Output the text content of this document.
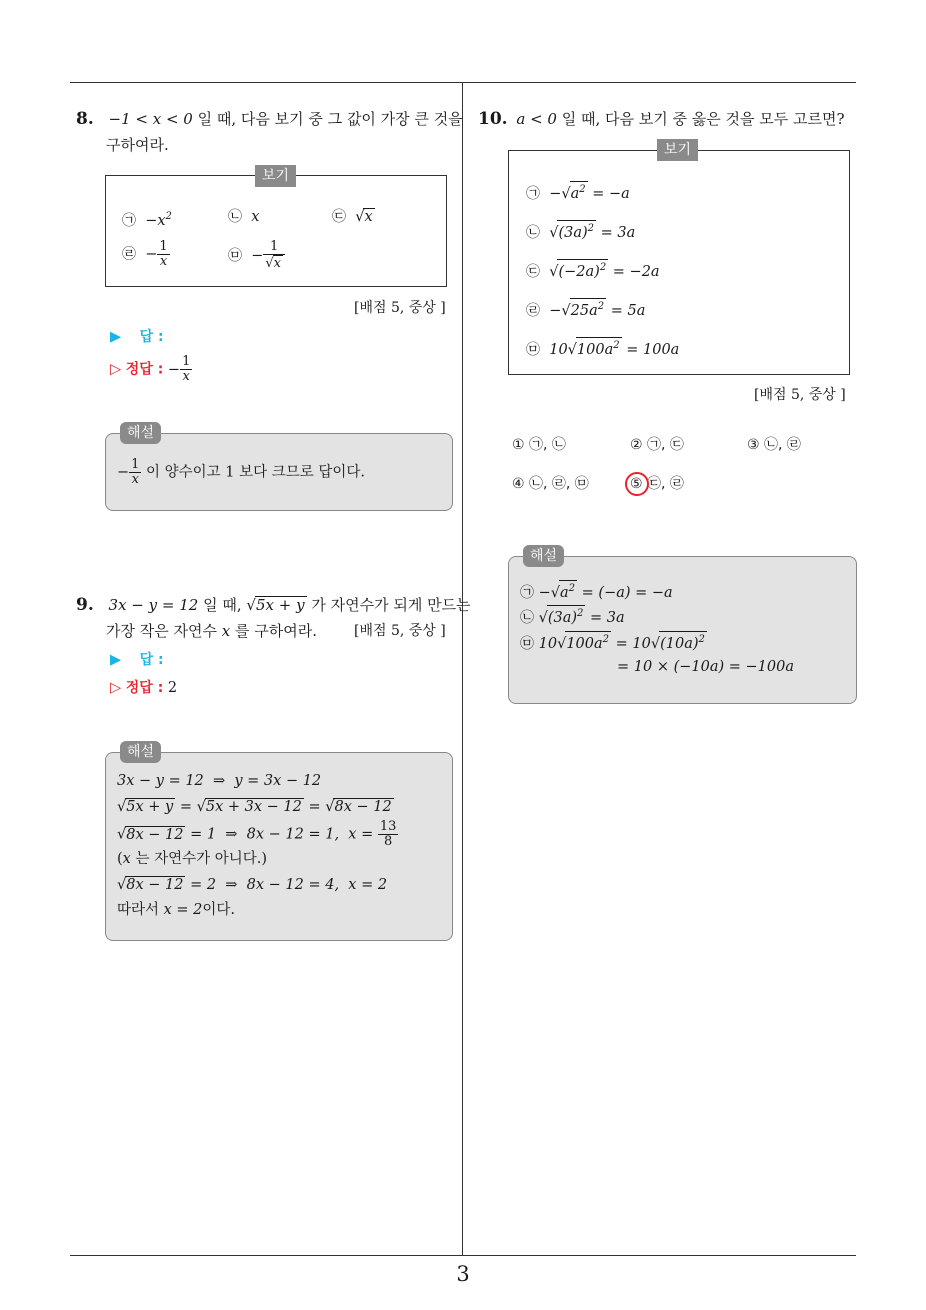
3
8. −1 < x < 0 일 때, 다음 보기 중 그 값이 가장 큰 것을
구하여라.
보기
㉠ $-x^2$	㉡ x	㉢ √x
㉣  − $\frac{1}{x}$	㉤  − $\frac{1}{√x}$
[배점 5, 중상 ]
▶ 답 :
▷ 정답 : − $\frac{1}{x}$
해설
− $\frac{1}{x}$ 이 양수이고 1 보다 크므로 답이다.
9. 3x − y = 12 일 때, √5x + y 가 자연수가 되게 만드는
가장 작은 자연수 x 를 구하여라.	[배점 5, 중상 ]
▶ 답 :
▷ 정답 : 2
해설
3x − y = 12  ⇒  y = 3x − 12
√5x + y = √5x + 3x − 12 = √8x − 12
√8x − 12 = 1  ⇒  8x − 12 = 1,  $x = \frac{13}{8}$
(x 는 자연수가 아니다.)
√8x − 12 = 2  ⇒  8x − 12 = 4,  x = 2
따라서 x = 2이다.
10. a < 0 일 때, 다음 보기 중 옳은 것을 모두 고르면?
보기
㉠ $-√a^2 = -a$
㉡ $√(3a)^2 = 3a$
㉢ $√(-2a)^2 = -2a$
㉣ $-√25a^2 = 5a$
㉤ $10√100a^2 = 100a$
[배점 5, 중상 ]
① ㉠, ㉡	② ㉠, ㉢	③ ㉡, ㉣
④ ㉡, ㉣, ㉤	⑤ ㉢, ㉣
해설
㉠ $-√a^2 = (-a) = -a$
㉡ $√(3a)^2 = 3a$
㉤ $10√100a^2 = 10√(10a)^2$
= 10 × (−10a) = −100a
